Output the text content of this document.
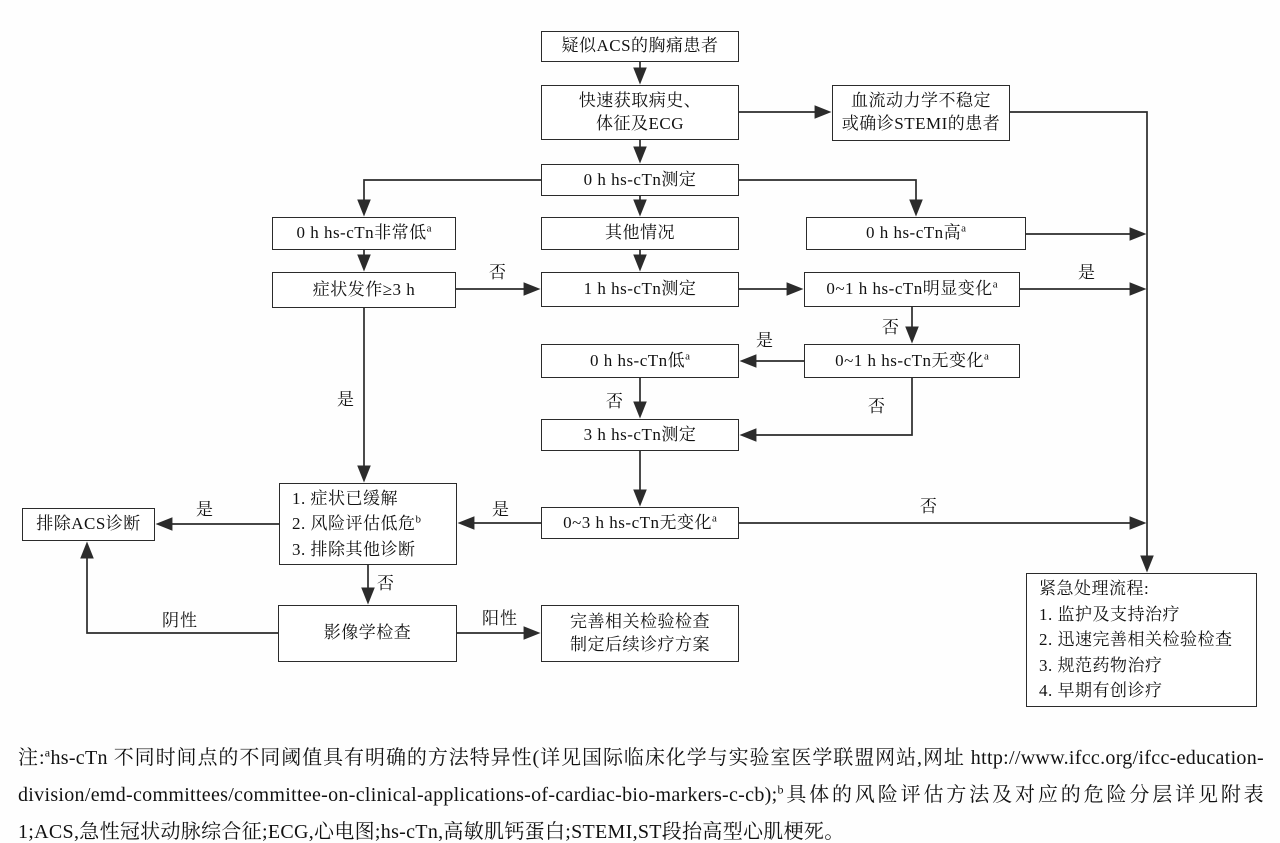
疑似ACS的胸痛患者
快速获取病史、
体征及ECG
血流动力学不稳定
或确诊STEMI的患者
0 h hs-cTn测定
0 h hs-cTn非常低$^a$	其他情况	0 h hs-cTn高$^a$
症状发作≥3 h	1 h hs-cTn测定	0~1 h hs-cTn明显变化$^a$
0 h hs-cTn低$^a$	0~1 h hs-cTn无变化$^a$
3 h hs-cTn测定
0~3 h hs-cTn无变化$^a$
1. 症状已缓解
2. 风险评估低危$^b$
3. 排除其他诊断
排除ACS诊断
影像学检查
完善相关检验检查
制定后续诊疗方案
紧急处理流程:
1. 监护及支持治疗
2. 迅速完善相关检验检查
3. 规范药物治疗
4. 早期有创诊疗
否	是
否
是
否	否
是
是	否
是
否
阴性	阳性

注:$^a$hs-cTn 不同时间点的不同阈值具有明确的方法特异性(详见国际临床化学与实验室医学联盟网站,网址 http://www.ifcc.org/ifcc-education-division/emd-committees/committee-on-clinical-applications-of-cardiac-bio-markers-c-cb);$^b$具体的风险评估方法及对应的危险分层详见附表1;ACS,急性冠状动脉综合征;ECG,心电图;hs-cTn,高敏肌钙蛋白;STEMI,ST段抬高型心肌梗死。
